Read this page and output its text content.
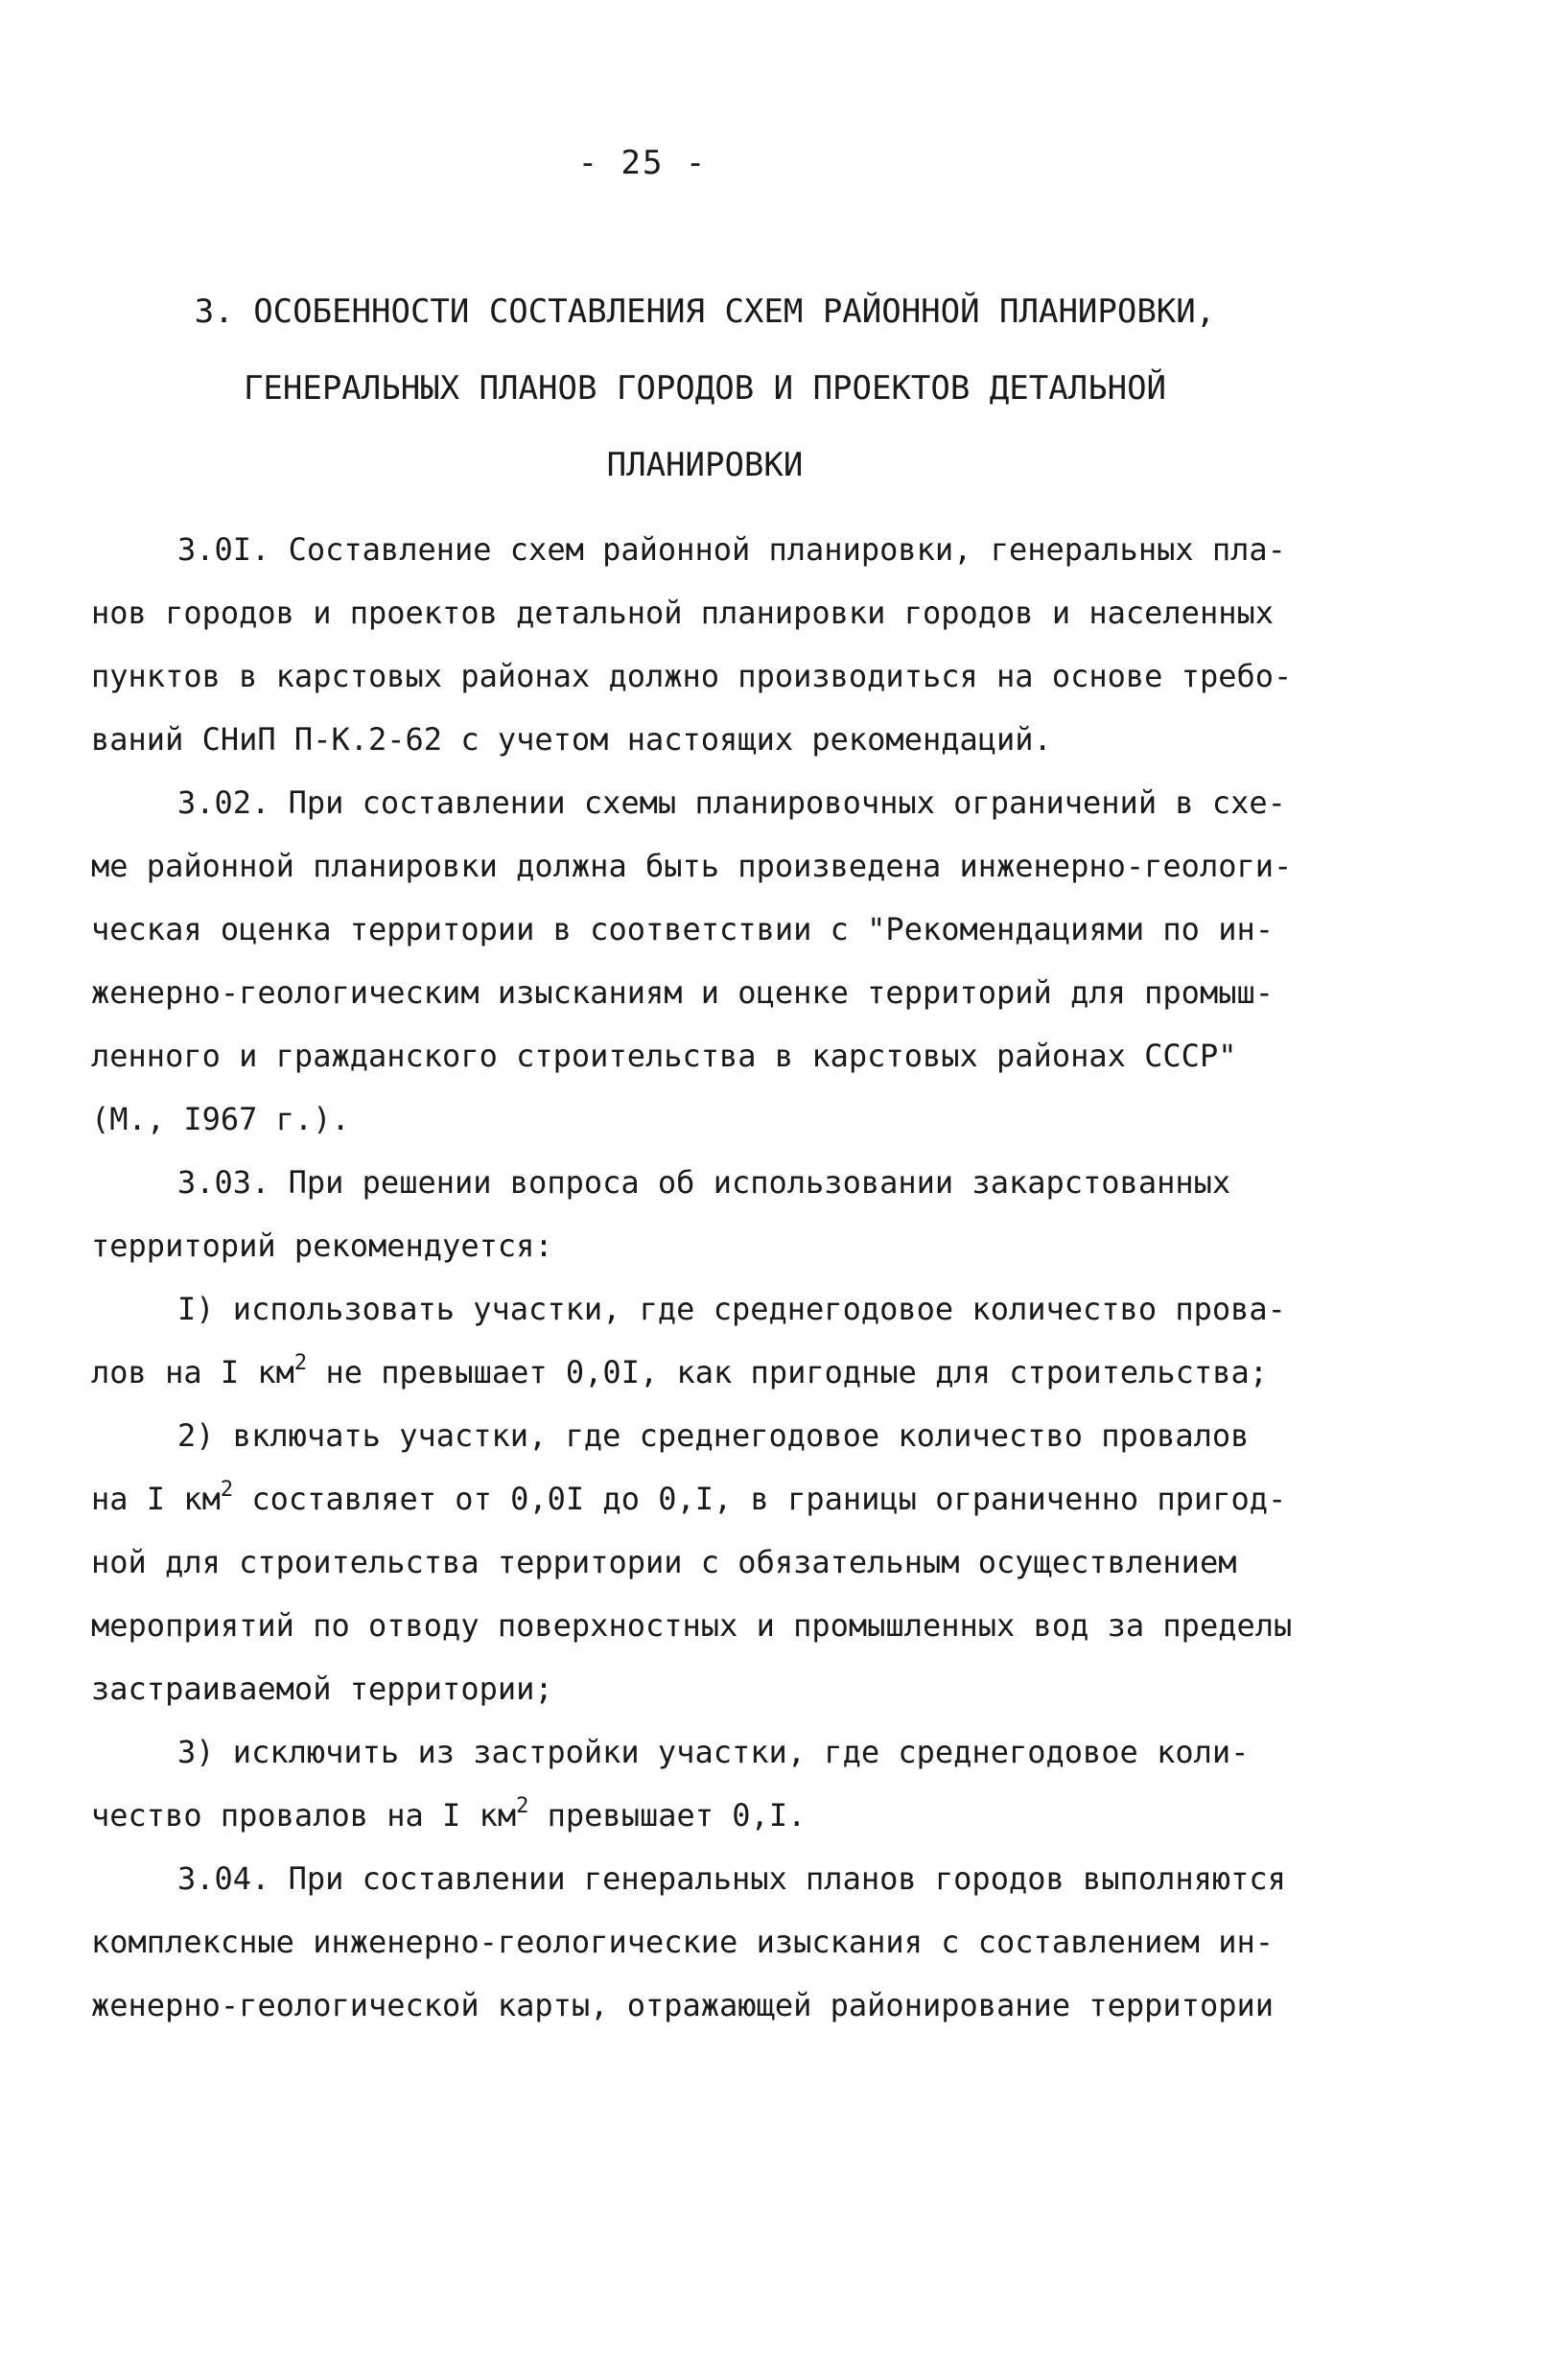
- 25 -
3. ОСОБЕННОСТИ СОСТАВЛЕНИЯ СХЕМ РАЙОННОЙ ПЛАНИРОВКИ,
ГЕНЕРАЛЬНЫХ ПЛАНОВ ГОРОДОВ И ПРОЕКТОВ ДЕТАЛЬНОЙ
ПЛАНИРОВКИ
3.0I. Составление схем районной планировки, генеральных пла-
нов городов и проектов детальной планировки городов и населенных
пунктов в карстовых районах должно производиться на основе требо-
ваний СНиП П-К.2-62 с учетом настоящих рекомендаций.
3.02. При составлении схемы планировочных ограничений в схе-
ме районной планировки должна быть произведена инженерно-геологи-
ческая оценка территории в соответствии с "Рекомендациями по ин-
женерно-геологическим изысканиям и оценке территорий для промыш-
ленного и гражданского строительства в карстовых районах СССР"
(М., I967 г.).
3.03. При решении вопроса об использовании закарстованных
территорий рекомендуется:
I) использовать участки, где среднегодовое количество прова-
лов на I $км^2$ не превышает 0,0I, как пригодные для строительства;
2) включать участки, где среднегодовое количество провалов
на I $км^2$ составляет от 0,0I до 0,I, в границы ограниченно пригод-
ной для строительства территории с обязательным осуществлением
мероприятий по отводу поверхностных и промышленных вод за пределы
застраиваемой территории;
3) исключить из застройки участки, где среднегодовое коли-
чество провалов на I $км^2$ превышает 0,I.
3.04. При составлении генеральных планов городов выполняются
комплексные инженерно-геологические изыскания с составлением ин-
женерно-геологической карты, отражающей районирование территории
